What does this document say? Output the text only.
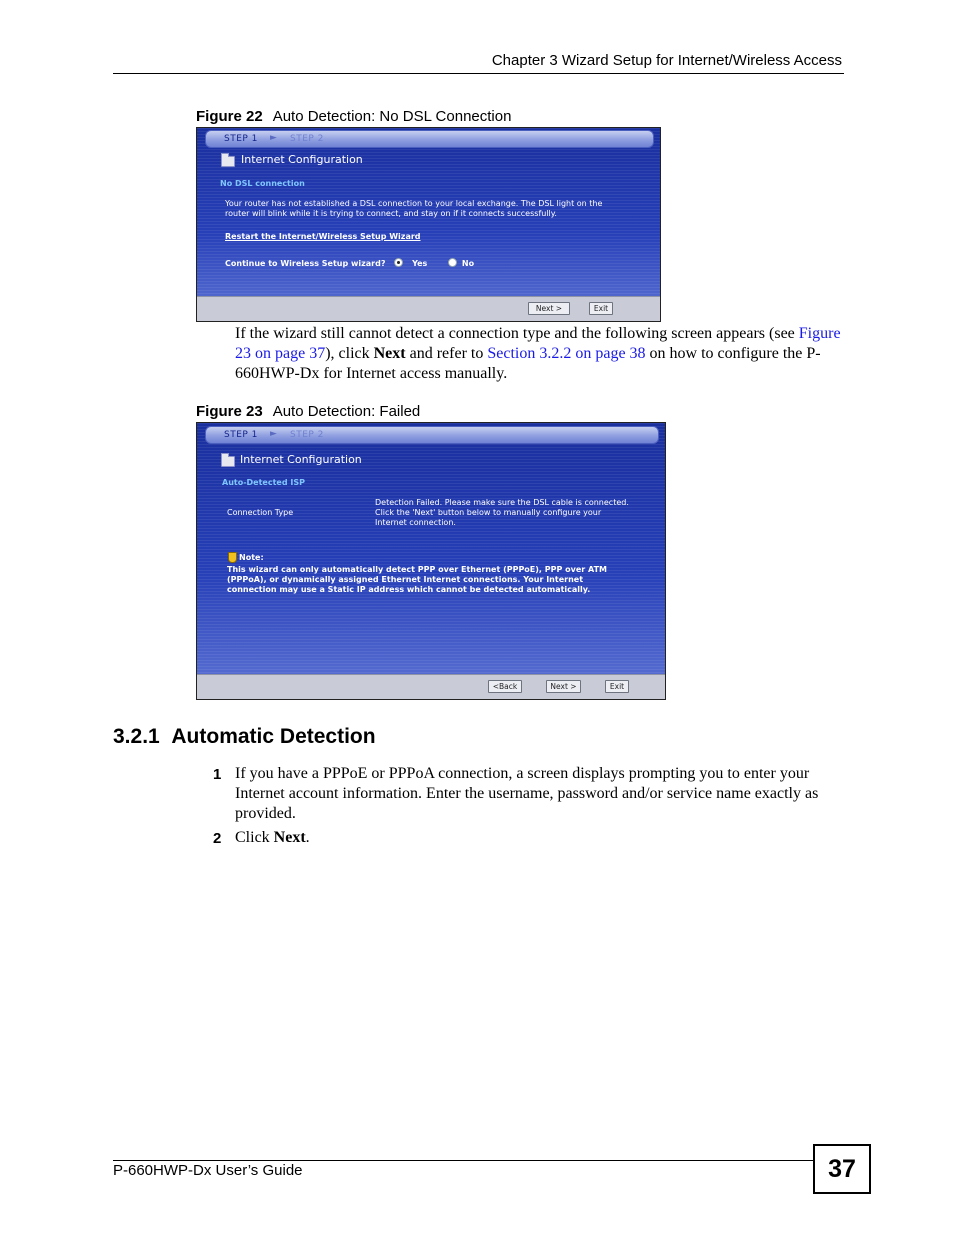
Chapter 3 Wizard Setup for Internet/Wireless Access
Figure 22 Auto Detection: No DSL Connection
STEP 1 ► STEP 2
Internet Configuration
No DSL connection
Your router has not established a DSL connection to your local exchange. The DSL light on the
router will blink while it is trying to connect, and stay on if it connects successfully.
Restart the Internet/Wireless Setup Wizard
Continue to Wireless Setup wizard?	Yes	No
Next >	Exit
If the wizard still cannot detect a connection type and the following screen appears (see Figure 23 on page 37), click Next and refer to Section 3.2.2 on page 38 on how to configure the P-660HWP-Dx for Internet access manually.
Figure 23 Auto Detection: Failed
STEP 1 ► STEP 2
Internet Configuration
Auto-Detected ISP
Connection Type
Detection Failed. Please make sure the DSL cable is connected.
Click the 'Next' button below to manually configure your
Internet connection.
Note:
This wizard can only automatically detect PPP over Ethernet (PPPoE), PPP over ATM
(PPPoA), or dynamically assigned Ethernet Internet connections. Your Internet
connection may use a Static IP address which cannot be detected automatically.
<Back	Next >	Exit
3.2.1 Automatic Detection
1 If you have a PPPoE or PPPoA connection, a screen displays prompting you to enter your Internet account information. Enter the username, password and/or service name exactly as provided.
2 Click Next.
P-660HWP-Dx User’s Guide	37
